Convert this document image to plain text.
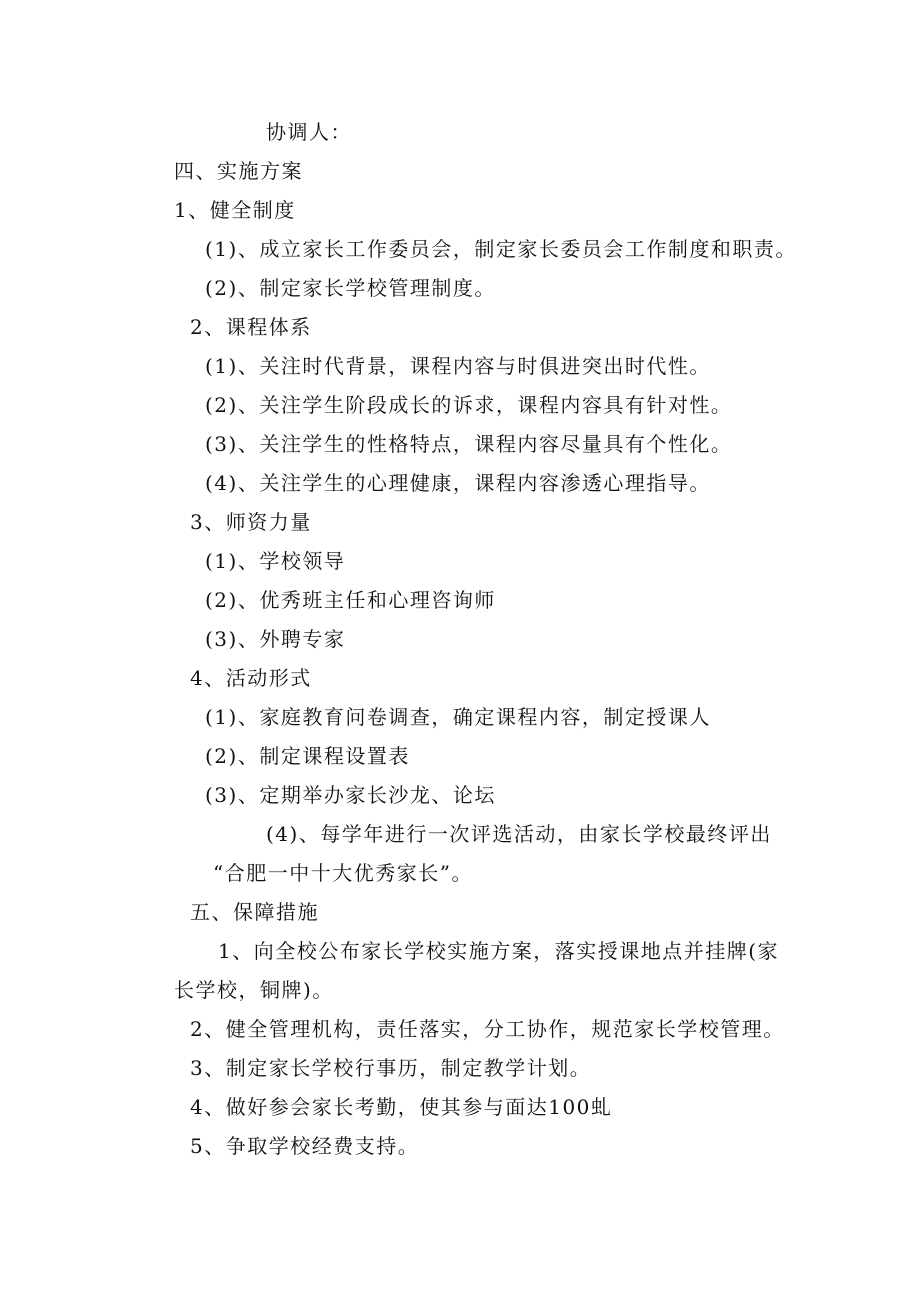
协调人：
四、实施方案
1、健全制度
(1)、成立家长工作委员会，制定家长委员会工作制度和职责。
(2)、制定家长学校管理制度。
2、课程体系
(1)、关注时代背景，课程内容与时俱进突出时代性。
(2)、关注学生阶段成长的诉求，课程内容具有针对性。
(3)、关注学生的性格特点，课程内容尽量具有个性化。
(4)、关注学生的心理健康，课程内容渗透心理指导。
3、师资力量
(1)、学校领导
(2)、优秀班主任和心理咨询师
(3)、外聘专家
4、活动形式
(1)、家庭教育问卷调查，确定课程内容，制定授课人
(2)、制定课程设置表
(3)、定期举办家长沙龙、论坛
(4)、每学年进行一次评选活动，由家长学校最终评出
“合肥一中十大优秀家长”。
五、保障措施
1、向全校公布家长学校实施方案，落实授课地点并挂牌(家
长学校，铜牌)。
2、健全管理机构，责任落实，分工协作，规范家长学校管理。
3、制定家长学校行事历，制定教学计划。
4、做好参会家长考勤，使其参与面达100虬
5、争取学校经费支持。
